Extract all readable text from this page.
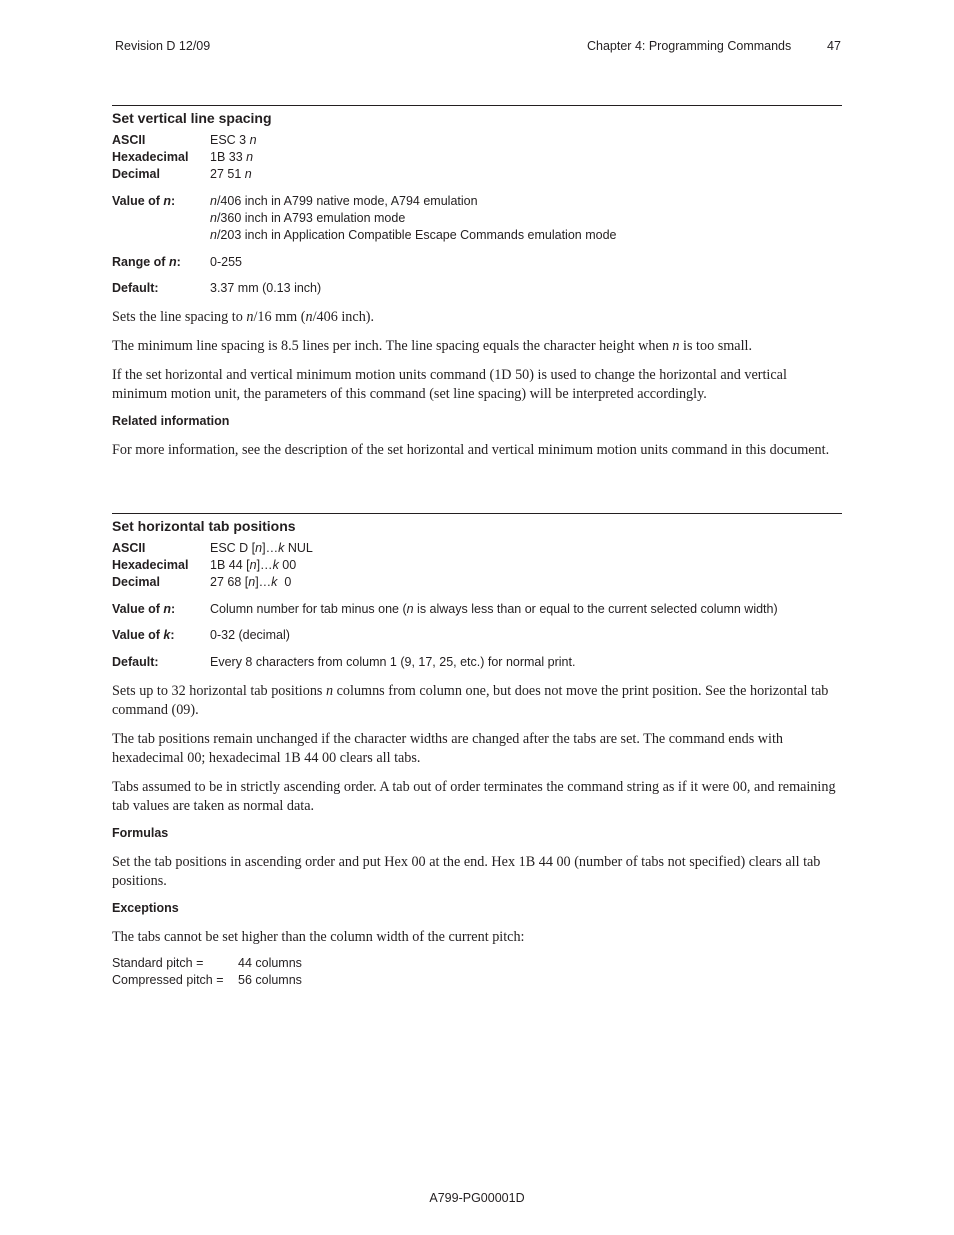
Revision D 12/09	Chapter 4: Programming Commands	47
Set vertical line spacing
ASCII	ESC 3 n
Hexadecimal 1B 33 n
Decimal	27 51 n
Value of n:	n/406 inch in A799 native mode, A794 emulation
n/360 inch in A793 emulation mode
n/203 inch in Application Compatible Escape Commands emulation mode
Range of n: 0-255
Default:	3.37 mm (0.13 inch)
Sets the line spacing to n/16 mm (n/406 inch).
The minimum line spacing is 8.5 lines per inch. The line spacing equals the character height when n is too small.
If the set horizontal and vertical minimum motion units command (1D 50) is used to change the horizontal and vertical minimum motion unit, the parameters of this command (set line spacing) will be interpreted accordingly.
Related information
For more information, see the description of the set horizontal and vertical minimum motion units command in this document.
Set horizontal tab positions
ASCII	ESC D [n]…k NUL
Hexadecimal 1B 44 [n]…k 00
Decimal	27 68 [n]…k  0
Value of n:	Column number for tab minus one (n is always less than or equal to the current selected column width)
Value of k:	0-32 (decimal)
Default:	Every 8 characters from column 1 (9, 17, 25, etc.) for normal print.
Sets up to 32 horizontal tab positions n columns from column one, but does not move the print position. See the horizontal tab command (09).
The tab positions remain unchanged if the character widths are changed after the tabs are set. The command ends with hexadecimal 00; hexadecimal 1B 44 00 clears all tabs.
Tabs assumed to be in strictly ascending order. A tab out of order terminates the command string as if it were 00, and remaining tab values are taken as normal data.
Formulas
Set the tab positions in ascending order and put Hex 00 at the end. Hex 1B 44 00 (number of tabs not specified) clears all tab positions.
Exceptions
The tabs cannot be set higher than the column width of the current pitch:
Standard pitch =	44 columns
Compressed pitch = 56 columns
A799-PG00001D
